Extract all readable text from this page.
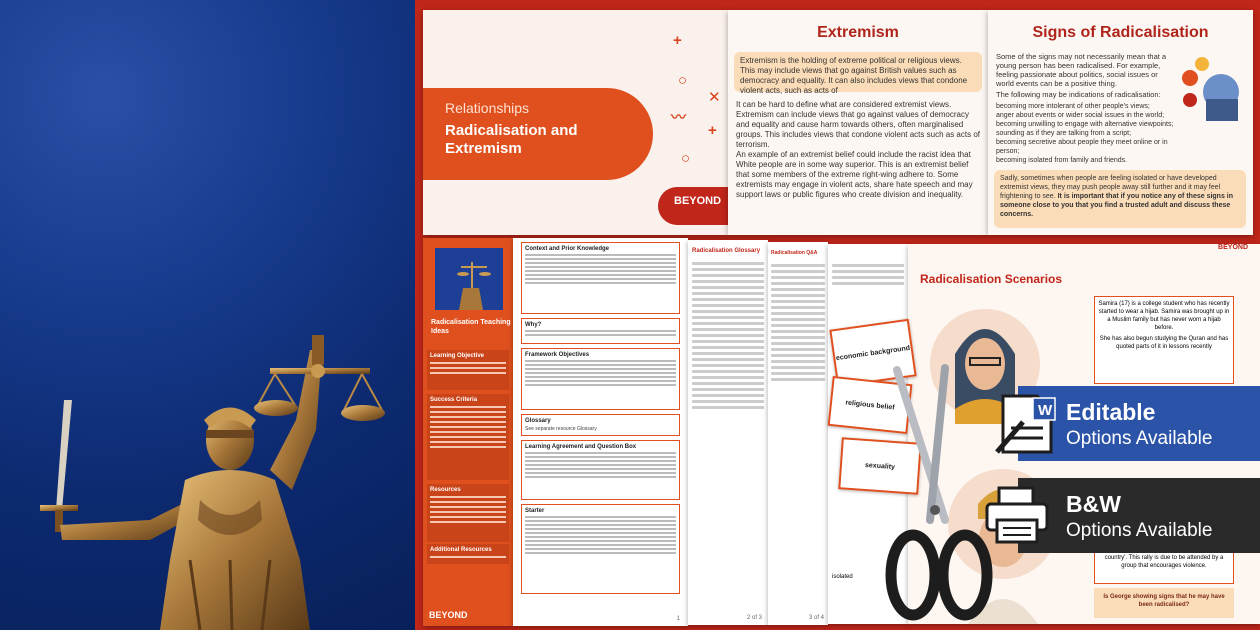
+
○
✕
〰
+
○
Relationships
Radicalisation and Extremism
BEYOND
Extremism
Extremism is the holding of extreme political or religious views. This may include views that go against British values such as democracy and equality. It can also includes views that condone violent acts, such as acts of
It can be hard to define what are considered extremist views. Extremism can include views that go against values of democracy and equality and cause harm towards others, often marginalised groups. This includes views that condone violent acts such as acts of terrorism.
An example of an extremist belief could include the racist idea that White people are in some way superior. This is an extremist belief that some members of the extreme right-wing adhere to. Some extremists may engage in violent acts, share hate speech and may support laws or public figures who create division and inequality.
Signs of Radicalisation
Some of the signs may not necessarily mean that a young person has been radicalised. For example, feeling passionate about politics, social issues or world events can be a positive thing.
The following may be indications of radicalisation:
becoming more intolerant of other people's views;
anger about events or wider social issues in the world;
becoming unwilling to engage with alternative viewpoints;
sounding as if they are talking from a script;
becoming secretive about people they meet online or in person;
becoming isolated from family and friends.
Sadly, sometimes when people are feeling isolated or have developed extremist views, they may push people away still further and it may feel frightening to see. It is important that if you notice any of these signs in someone close to you that you find a trusted adult and discuss these concerns.
Radicalisation Teaching Ideas
Learning Objective
Success Criteria
Resources
Additional Resources
BEYOND
Context and Prior Knowledge
Why?
Framework Objectives
Glossary
See separate resource Glossary
Learning Agreement and Question Box
Starter
1
Radicalisation Glossary
2 of 3
Radicalisation Q&A
3 of 4
isolated
Radicalisation Scenarios
BEYOND
Samira (17) is a college student who has recently started to wear a hijab. Samira was brought up in a Muslim family but has never worn a hijab before.
She has also begun studying the Quran and has quoted parts of it in lessons recently
country'. This rally is due to be attended by a group that encourages violence.
Is George showing signs that he may have been radicalised?
economic background
religious belief
sexuality
W Editable
Options Available
B&W
Options Available
